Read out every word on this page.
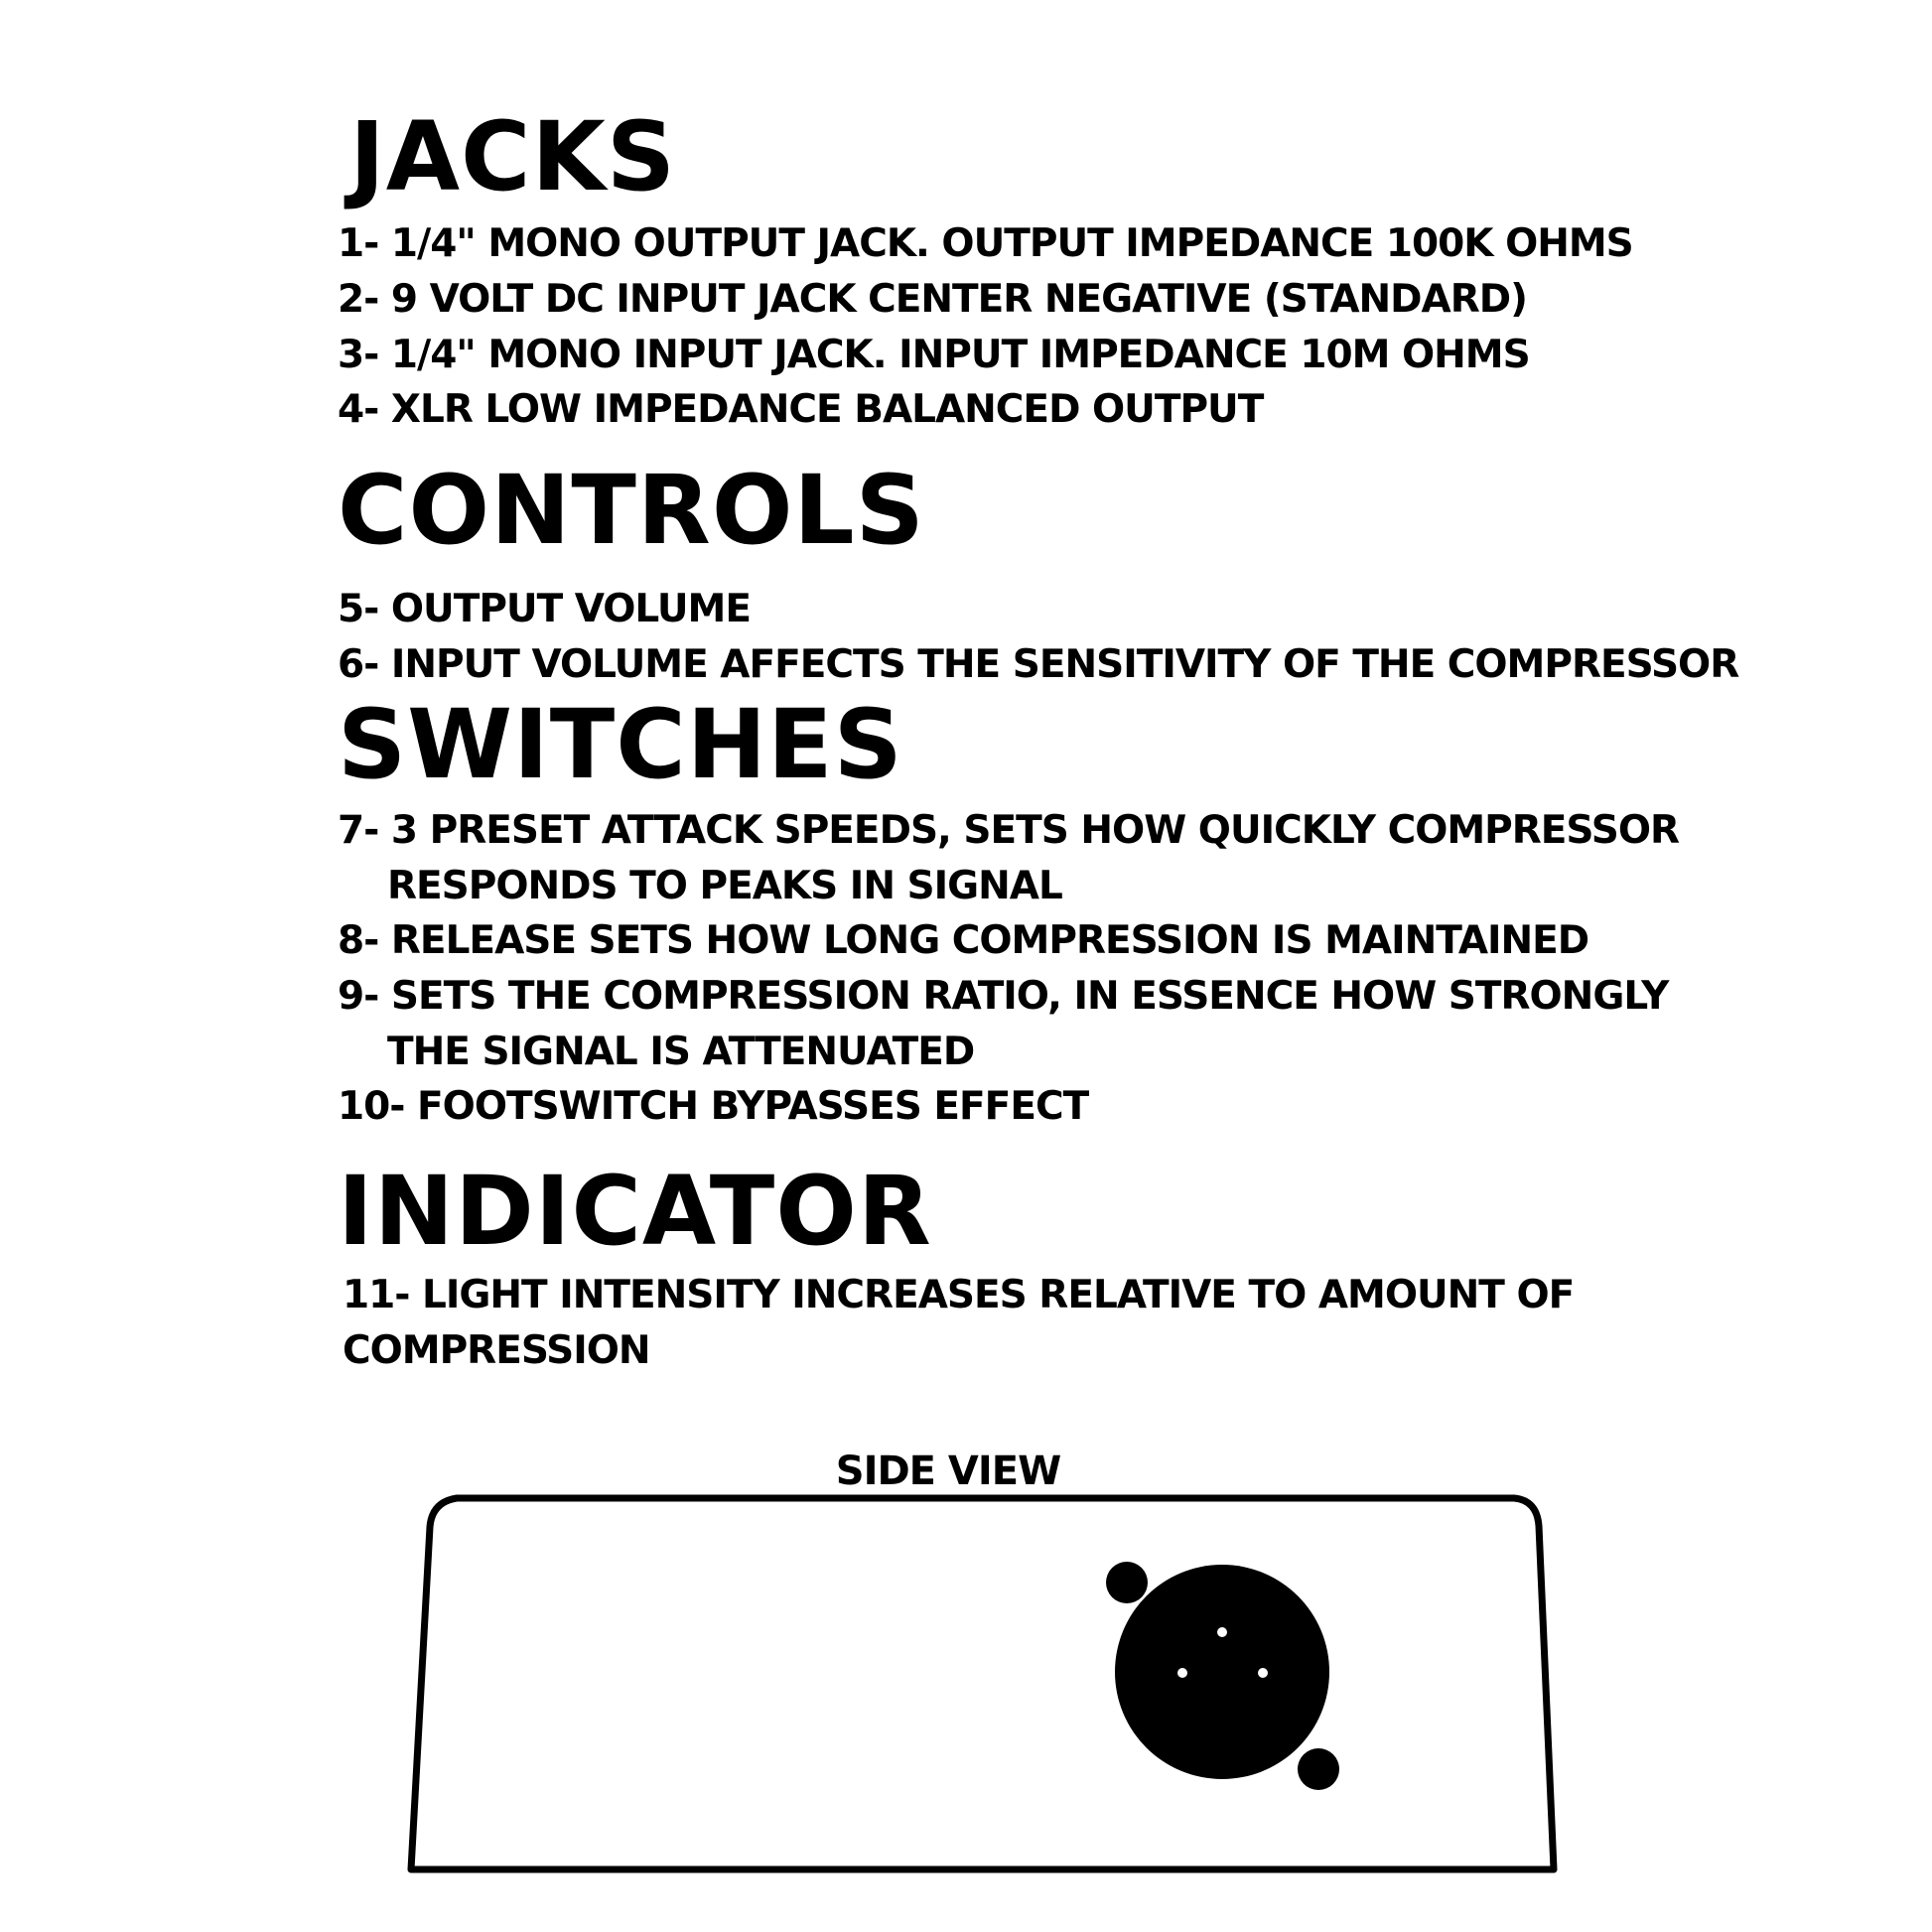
JACKS

1- 1/4" MONO OUTPUT JACK. OUTPUT IMPEDANCE 100K OHMS

2- 9 VOLT DC INPUT JACK CENTER NEGATIVE (STANDARD)

3- 1/4" MONO INPUT JACK. INPUT IMPEDANCE 10M OHMS

4- XLR LOW IMPEDANCE BALANCED OUTPUT

CONTROLS

5- OUTPUT VOLUME

6- INPUT VOLUME AFFECTS THE SENSITIVITY OF THE COMPRESSOR

SWITCHES

7- 3 PRESET ATTACK SPEEDS, SETS HOW QUICKLY COMPRESSOR

RESPONDS TO PEAKS IN SIGNAL

8- RELEASE SETS HOW LONG COMPRESSION IS MAINTAINED

9- SETS THE COMPRESSION RATIO, IN ESSENCE HOW STRONGLY

THE SIGNAL IS ATTENUATED

10- FOOTSWITCH BYPASSES EFFECT

INDICATOR

11- LIGHT INTENSITY INCREASES RELATIVE TO AMOUNT OF

COMPRESSION

SIDE VIEW
